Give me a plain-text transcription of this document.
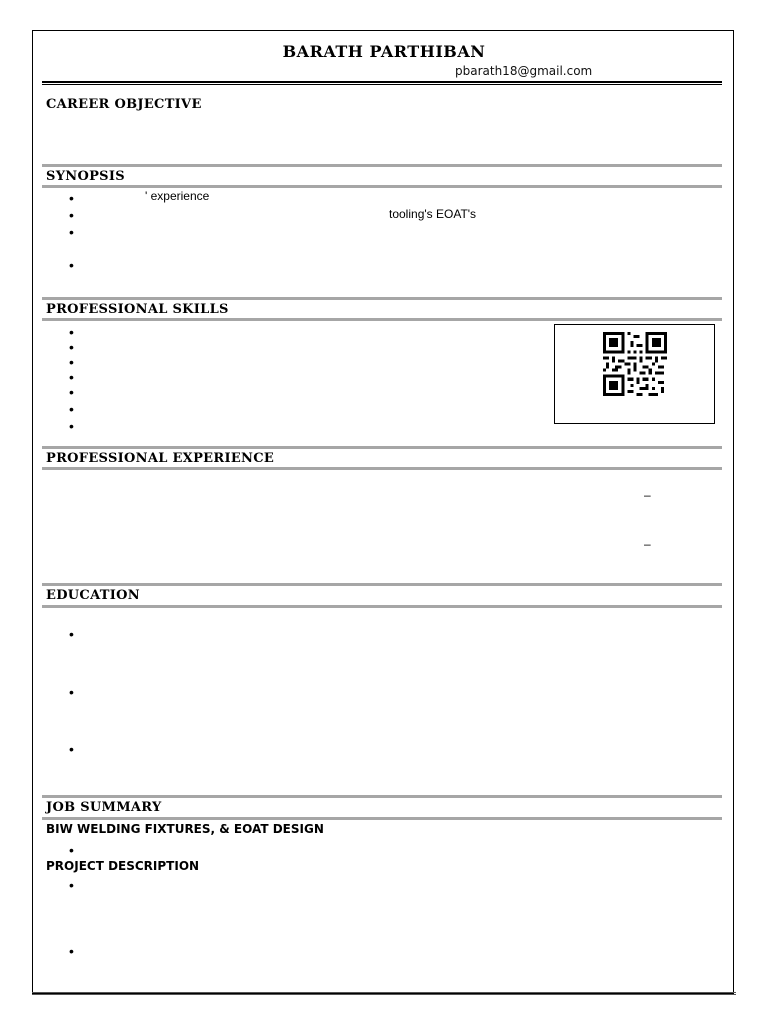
BARATH PARTHIBAN
pbarath18@gmail.com
CAREER OBJECTIVE
SYNOPSIS
•	' experience
•	tooling's EOAT's
•
•
PROFESSIONAL SKILLS
•
•
•
•
•
•
•
PROFESSIONAL EXPERIENCE
–
–
EDUCATION
•
•
•
JOB SUMMARY
BIW WELDING FIXTURES, & EOAT DESIGN
•
PROJECT DESCRIPTION
•
•
